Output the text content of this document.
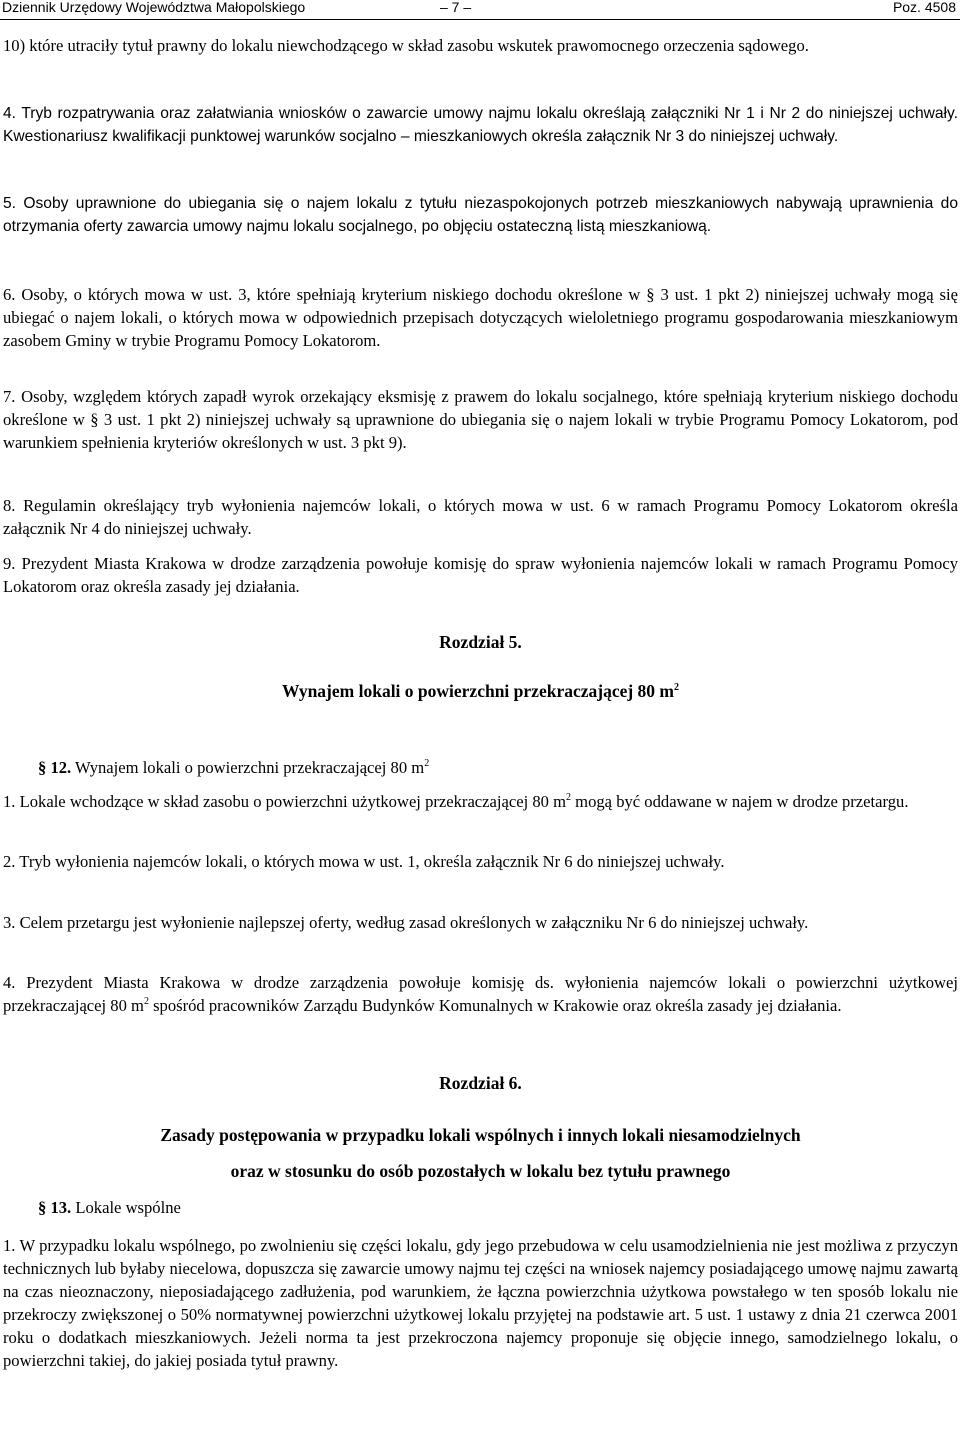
Dziennik Urzędowy Województwa Małopolskiego	– 7 –	Poz. 4508

10) które utraciły tytuł prawny do lokalu niewchodzącego w skład zasobu wskutek prawomocnego orzeczenia sądowego.

4. Tryb rozpatrywania oraz załatwiania wniosków o zawarcie umowy najmu lokalu określają załączniki Nr 1 i Nr 2 do niniejszej uchwały. Kwestionariusz kwalifikacji punktowej warunków socjalno – mieszkaniowych określa załącznik Nr 3 do niniejszej uchwały.

5. Osoby uprawnione do ubiegania się o najem lokalu z tytułu niezaspokojonych potrzeb mieszkaniowych nabywają uprawnienia do otrzymania oferty zawarcia umowy najmu lokalu socjalnego, po objęciu ostateczną listą mieszkaniową.

6. Osoby, o których mowa w ust. 3, które spełniają kryterium niskiego dochodu określone w § 3 ust. 1 pkt 2) niniejszej uchwały mogą się ubiegać o najem lokali, o których mowa w odpowiednich przepisach dotyczących wieloletniego programu gospodarowania mieszkaniowym zasobem Gminy w trybie Programu Pomocy Lokatorom.

7. Osoby, względem których zapadł wyrok orzekający eksmisję z prawem do lokalu socjalnego, które spełniają kryterium niskiego dochodu określone w § 3 ust. 1 pkt 2) niniejszej uchwały są uprawnione do ubiegania się o najem lokali w trybie Programu Pomocy Lokatorom, pod warunkiem spełnienia kryteriów określonych w ust. 3 pkt 9).

8. Regulamin określający tryb wyłonienia najemców lokali, o których mowa w ust. 6 w ramach Programu Pomocy Lokatorom określa załącznik Nr 4 do niniejszej uchwały.

9. Prezydent Miasta Krakowa w drodze zarządzenia powołuje komisję do spraw wyłonienia najemców lokali w ramach Programu Pomocy Lokatorom oraz określa zasady jej działania.

Rozdział 5.

Wynajem lokali o powierzchni przekraczającej 80 $m^2$

§ 12. Wynajem lokali o powierzchni przekraczającej 80 $m^2$

1. Lokale wchodzące w skład zasobu o powierzchni użytkowej przekraczającej 80 $m^2$ mogą być oddawane w najem w drodze przetargu.

2. Tryb wyłonienia najemców lokali, o których mowa w ust. 1, określa załącznik Nr 6 do niniejszej uchwały.

3. Celem przetargu jest wyłonienie najlepszej oferty, według zasad określonych w załączniku Nr 6 do niniejszej uchwały.

4. Prezydent Miasta Krakowa w drodze zarządzenia powołuje komisję ds. wyłonienia najemców lokali o powierzchni użytkowej przekraczającej 80 $m^2$ spośród pracowników Zarządu Budynków Komunalnych w Krakowie oraz określa zasady jej działania.

Rozdział 6.

Zasady postępowania w przypadku lokali wspólnych i innych lokali niesamodzielnych

oraz w stosunku do osób pozostałych w lokalu bez tytułu prawnego

§ 13. Lokale wspólne

1. W przypadku lokalu wspólnego, po zwolnieniu się części lokalu, gdy jego przebudowa w celu usamodzielnienia nie jest możliwa z przyczyn technicznych lub byłaby niecelowa, dopuszcza się zawarcie umowy najmu tej części na wniosek najemcy posiadającego umowę najmu zawartą na czas nieoznaczony, nieposiadającego zadłużenia, pod warunkiem, że łączna powierzchnia użytkowa powstałego w ten sposób lokalu nie przekroczy zwiększonej o 50% normatywnej powierzchni użytkowej lokalu przyjętej na podstawie art. 5 ust. 1 ustawy z dnia 21 czerwca 2001 roku o dodatkach mieszkaniowych. Jeżeli norma ta jest przekroczona najemcy proponuje się objęcie innego, samodzielnego lokalu, o powierzchni takiej, do jakiej posiada tytuł prawny.
